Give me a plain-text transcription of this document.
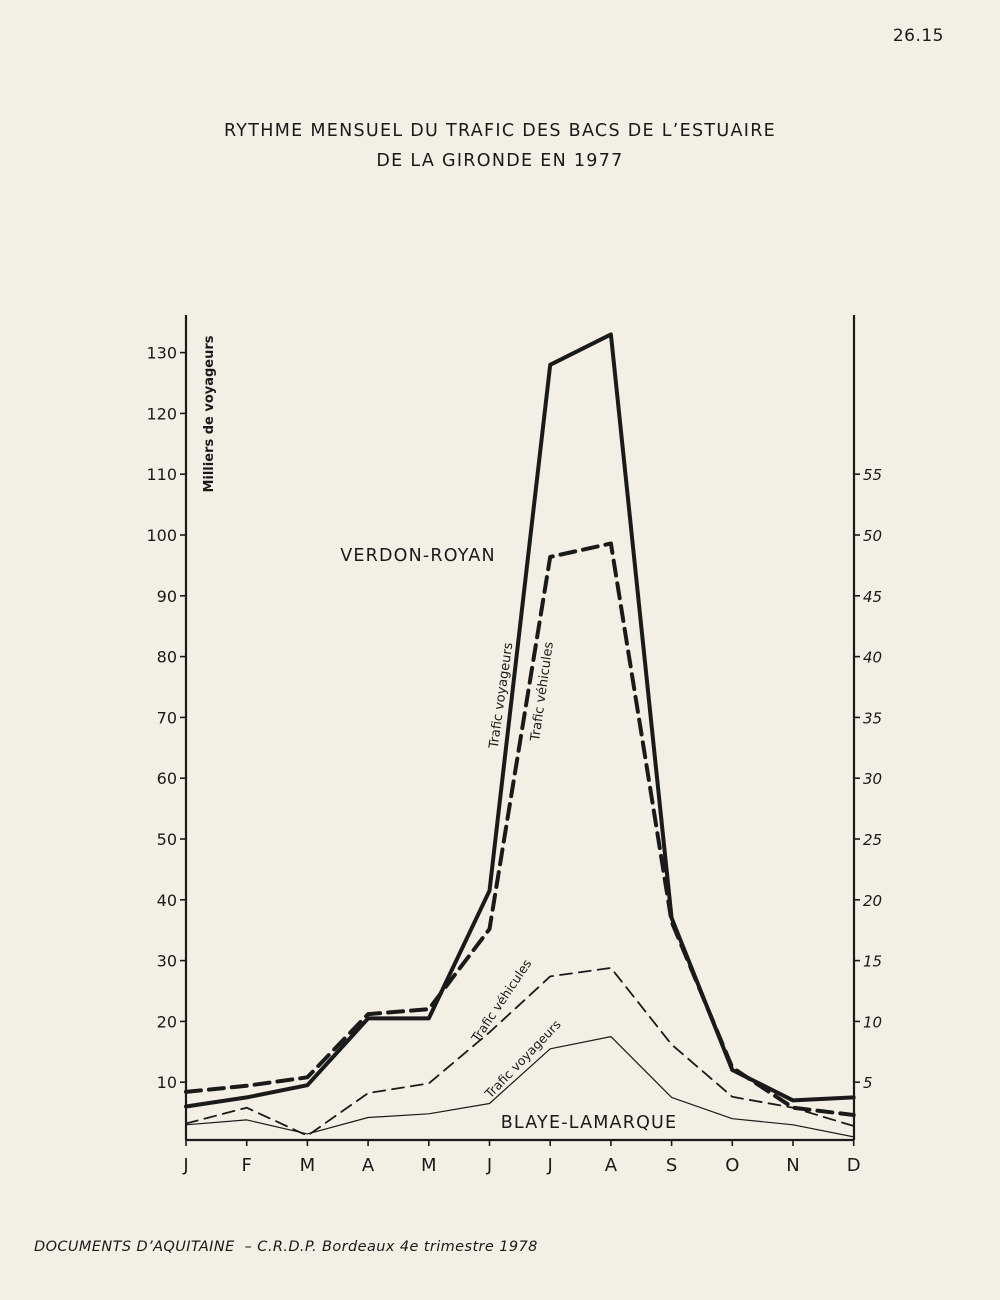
26.15
RYTHME MENSUEL DU TRAFIC DES BACS DE L’ESTUAIRE
DE LA GIRONDE EN 1977
10
20
30
40
50
60
70
80
90
100
110
120
130
5
10
15
20
25
30
35
40
45
50
55
J	F	M	A	M	J	J	A	S	O	N	D
Milliers de voyageurs
VERDON-ROYAN
BLAYE-LAMARQUE
Trafic voyageurs Trafic véhicules
Trafic véhicules
Trafic voyageurs
DOCUMENTS D’AQUITAINE – C.R.D.P. Bordeaux 4e trimestre 1978
